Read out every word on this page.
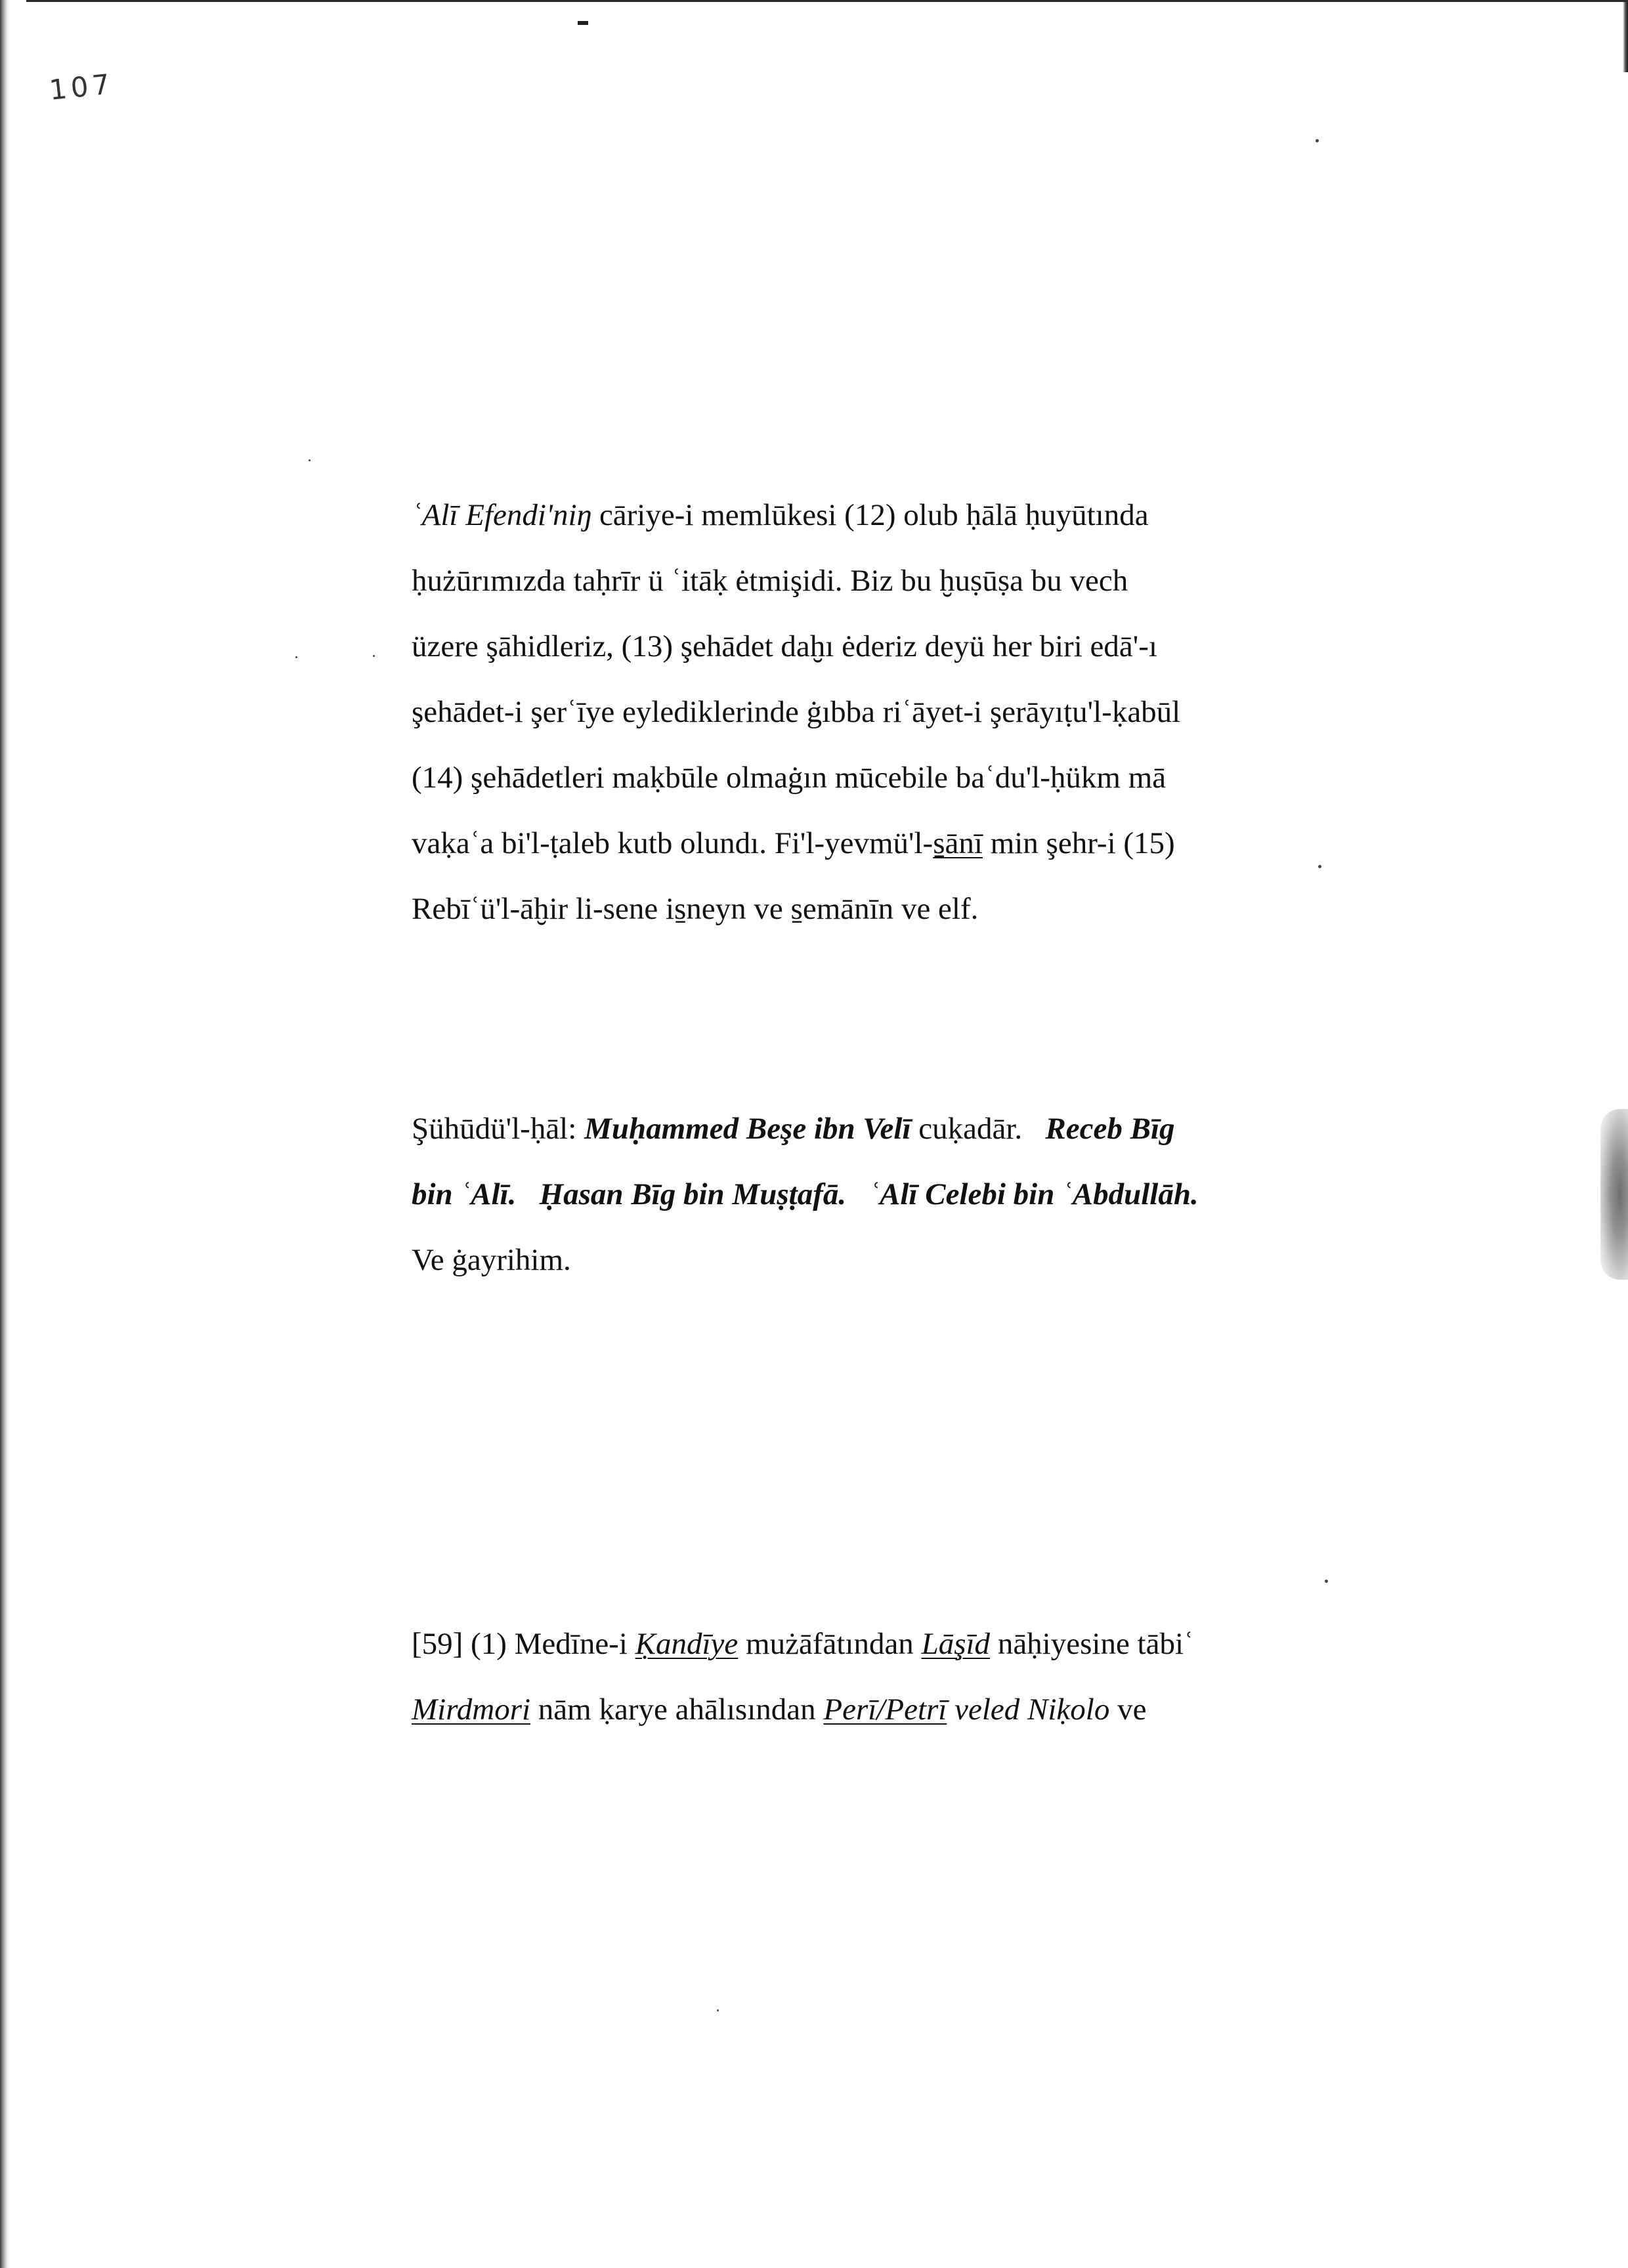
107
ʿAlī Efendi'niŋ cāriye-i memlūkesi (12) olub ḥālā ḥuyūtında
ḥużūrımızda taḥrīr ü ʿitāḳ ėtmişidi. Biz bu ḫuṣūṣa bu vech
üzere şāhidleriz, (13) şehādet daḫı ėderiz deyü her biri edā'-ı
şehādet-i şerʿīye eylediklerinde ġıbba riʿāyet-i şerāyıṭu'l-ḳabūl
(14) şehādetleri maḳbūle olmaġın mūcebile baʿdu'l-ḥükm mā
vaḳaʿa bi'l-ṭaleb kutb olundı. Fi'l-yevmü'l-s̱ānī min şehr-i (15)
Rebīʿü'l-āḫir li-sene is̱neyn ve s̱emānīn ve elf.
Şühūdü'l-ḥāl: Muḥammed Beşe ibn Velī cuḳadār. Receb Bīg
bin ʿAlī. Ḥasan Bīg bin Muṣṭafā. ʿAlī Celebi bin ʿAbdullāh.
Ve ġayrihim.
[59] (1) Medīne-i Ḳandīye mużāfātından Lāşīd nāḥiyesine tābiʿ
Mirdmori nām ḳarye ahālısından Perī/Petrī veled Niḳolo ve
